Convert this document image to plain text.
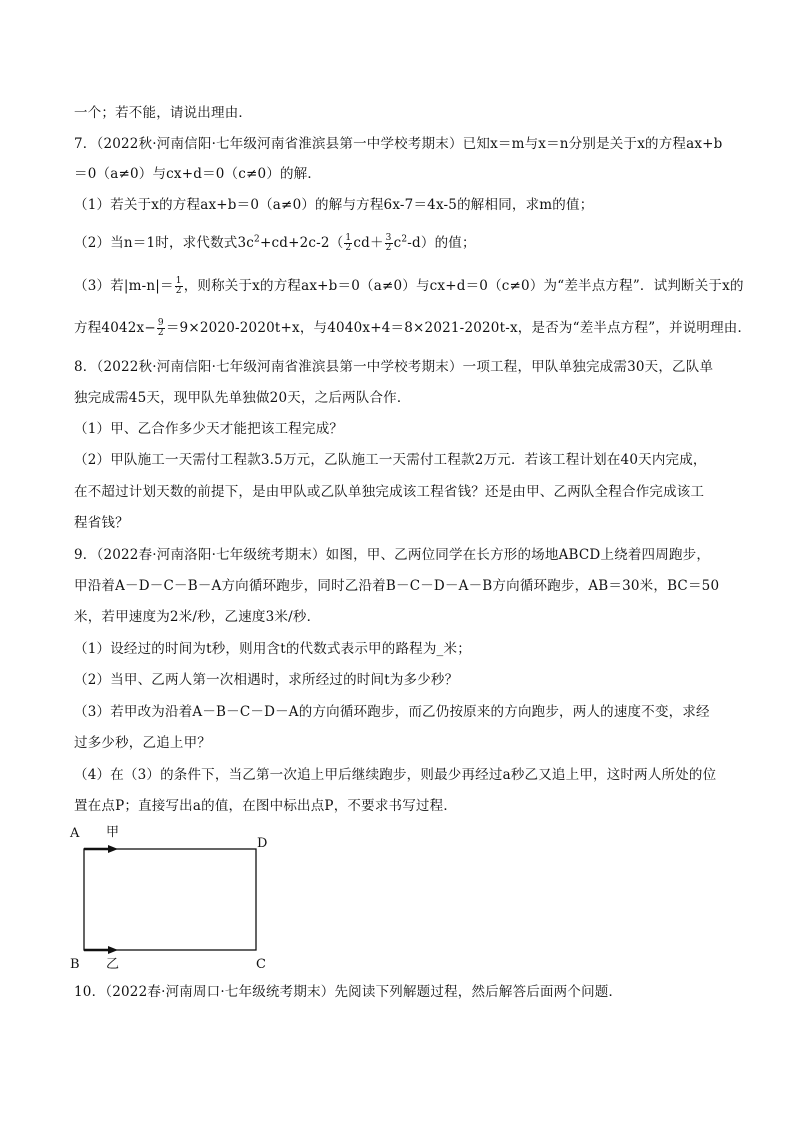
一个；若不能，请说出理由．
7．（2022秋·河南信阳·七年级河南省淮滨县第一中学校考期末）已知x＝m与x＝n分别是关于x的方程ax+b
＝0（a≠0）与cx+d＝0（c≠0）的解．
（1）若关于x的方程ax+b＝0（a≠0）的解与方程6x-7＝4x-5的解相同，求m的值；
（2）当n＝1时，求代数式$3c^2+cd+2c-2( \frac{1}{2} cd+ \frac{3}{2} c^2-d)$的值；
（3）若$|m-n|= \frac{1}{2}$ ，则称关于x的方程ax+b＝0（a≠0）与cx+d＝0（c≠0）为“差半点方程”．试判断关于x的
方程$4042x- \frac{9}{2} =9\times 2020-2020t+x$，与4040x+4＝8×2021-2020t-x，是否为“差半点方程”，并说明理由．
8．（2022秋·河南信阳·七年级河南省淮滨县第一中学校考期末）一项工程，甲队单独完成需30天，乙队单
独完成需45天，现甲队先单独做20天，之后两队合作．
（1）甲、乙合作多少天才能把该工程完成？
（2）甲队施工一天需付工程款3.5万元，乙队施工一天需付工程款2万元．若该工程计划在40天内完成，
在不超过计划天数的前提下，是由甲队或乙队单独完成该工程省钱？还是由甲、乙两队全程合作完成该工
程省钱？
9．（2022春·河南洛阳·七年级统考期末）如图，甲、乙两位同学在长方形的场地ABCD上绕着四周跑步，
甲沿着A－D－C－B－A方向循环跑步，同时乙沿着B－C－D－A－B方向循环跑步，AB＝30米，BC＝50
米，若甲速度为2米/秒，乙速度3米/秒．
（1）设经过的时间为t秒，则用含t的代数式表示甲的路程为_米；
（2）当甲、乙两人第一次相遇时，求所经过的时间t为多少秒？
（3）若甲改为沿着A－B－C－D－A的方向循环跑步，而乙仍按原来的方向跑步，两人的速度不变，求经
过多少秒，乙追上甲？
（4）在（3）的条件下，当乙第一次追上甲后继续跑步，则最少再经过a秒乙又追上甲，这时两人所处的位
置在点P；直接写出a的值，在图中标出点P，不要求书写过程．
A 甲
D
B 乙	C
10．（2022春·河南周口·七年级统考期末）先阅读下列解题过程，然后解答后面两个问题．
